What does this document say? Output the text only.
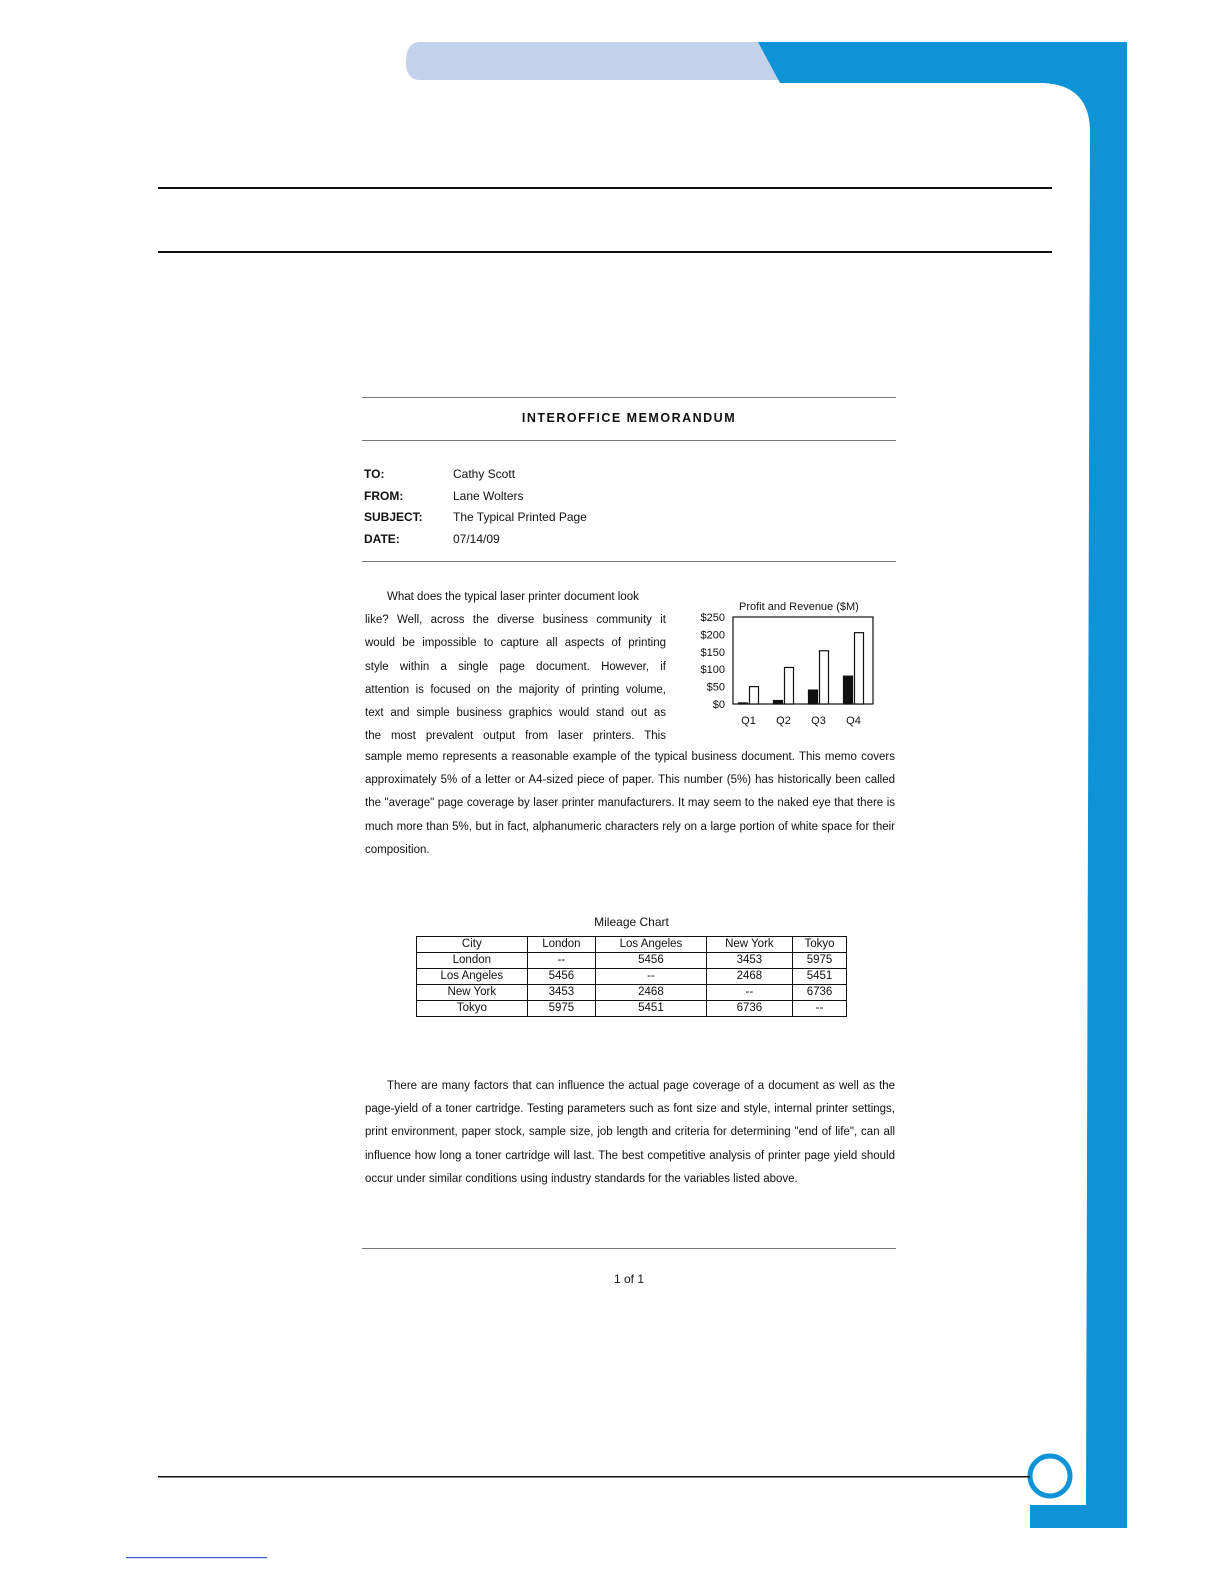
INTEROFFICE MEMORANDUM
TO:	Cathy Scott
FROM:	Lane Wolters
SUBJECT:	The Typical Printed Page
DATE:	07/14/09

What does the typical laser printer document look

like? Well, across the diverse business community it

would be impossible to capture all aspects of printing

style within a single page document. However, if

attention is focused on the majority of printing volume,

text and simple business graphics would stand out as

the most prevalent output from laser printers. This

sample memo represents a reasonable example of the typical business document. This memo covers approximately 5% of a letter or A4-sized piece of paper. This number (5%) has historically been called the "average" page coverage by laser printer manufacturers. It may seem to the naked eye that there is much more than 5%, but in fact, alphanumeric characters rely on a large portion of white space for their composition.
Profit and Revenue ($M)
$0
$50
$100
$150
$200
$250
Q1 Q2 Q3 Q4
Mileage Chart
City	London	Los Angeles	New York	Tokyo
London	--	5456	3453	5975
Los Angeles	5456	--	2468	5451
New York	3453	2468	--	6736
Tokyo	5975	5451	6736	--
There are many factors that can influence the actual page coverage of a document as well as the page-yield of a toner cartridge. Testing parameters such as font size and style, internal printer settings, print environment, paper stock, sample size, job length and criteria for determining "end of life", can all influence how long a toner cartridge will last. The best competitive analysis of printer page yield should occur under similar conditions using industry standards for the variables listed above.
1 of 1
